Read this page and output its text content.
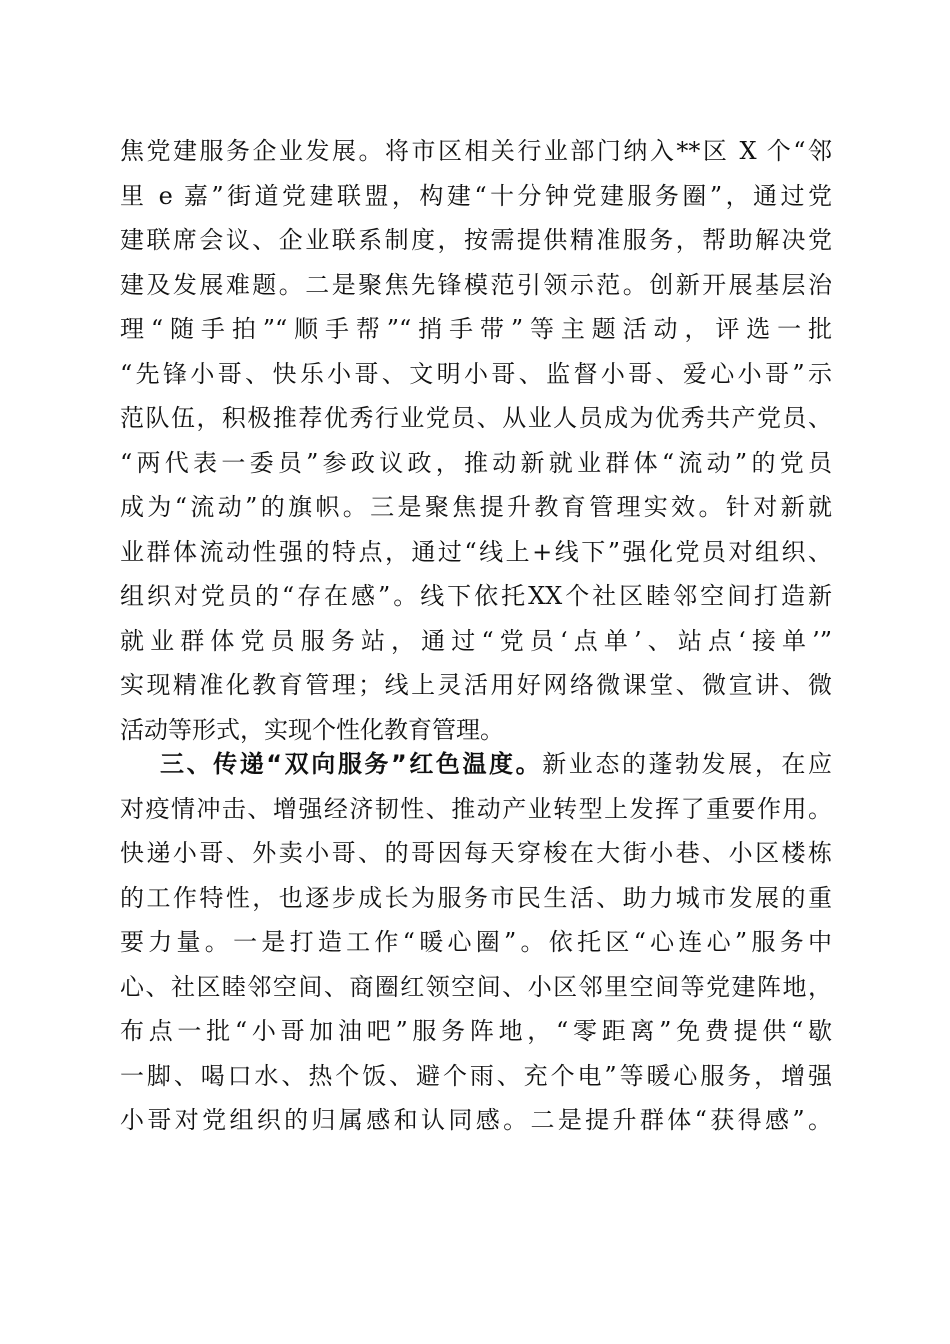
焦党建服务企业发展。将市区相关行业部门纳入**区 X 个“邻
里 e 嘉”街道党建联盟，构建“十分钟党建服务圈”，通过党
建联席会议、企业联系制度，按需提供精准服务，帮助解决党
建及发展难题。二是聚焦先锋模范引领示范。创新开展基层治
理“随手拍”“顺手帮”“捎手带”等主题活动，评选一批
“先锋小哥、快乐小哥、文明小哥、监督小哥、爱心小哥”示
范队伍，积极推荐优秀行业党员、从业人员成为优秀共产党员、
“两代表一委员”参政议政，推动新就业群体“流动”的党员
成为“流动”的旗帜。三是聚焦提升教育管理实效。针对新就
业群体流动性强的特点，通过“线上+线下”强化党员对组织、
组织对党员的“存在感”。线下依托XX个社区睦邻空间打造新
就业群体党员服务站，通过“党员‘点单’、站点‘接单’”
实现精准化教育管理；线上灵活用好网络微课堂、微宣讲、微
活动等形式，实现个性化教育管理。
三、传递“双向服务”红色温度。新业态的蓬勃发展，在应
对疫情冲击、增强经济韧性、推动产业转型上发挥了重要作用。
快递小哥、外卖小哥、的哥因每天穿梭在大街小巷、小区楼栋
的工作特性，也逐步成长为服务市民生活、助力城市发展的重
要力量。一是打造工作“暖心圈”。依托区“心连心”服务中
心、社区睦邻空间、商圈红领空间、小区邻里空间等党建阵地，
布点一批“小哥加油吧”服务阵地，“零距离”免费提供“歇
一脚、喝口水、热个饭、避个雨、充个电”等暖心服务，增强
小哥对党组织的归属感和认同感。二是提升群体“获得感”。
